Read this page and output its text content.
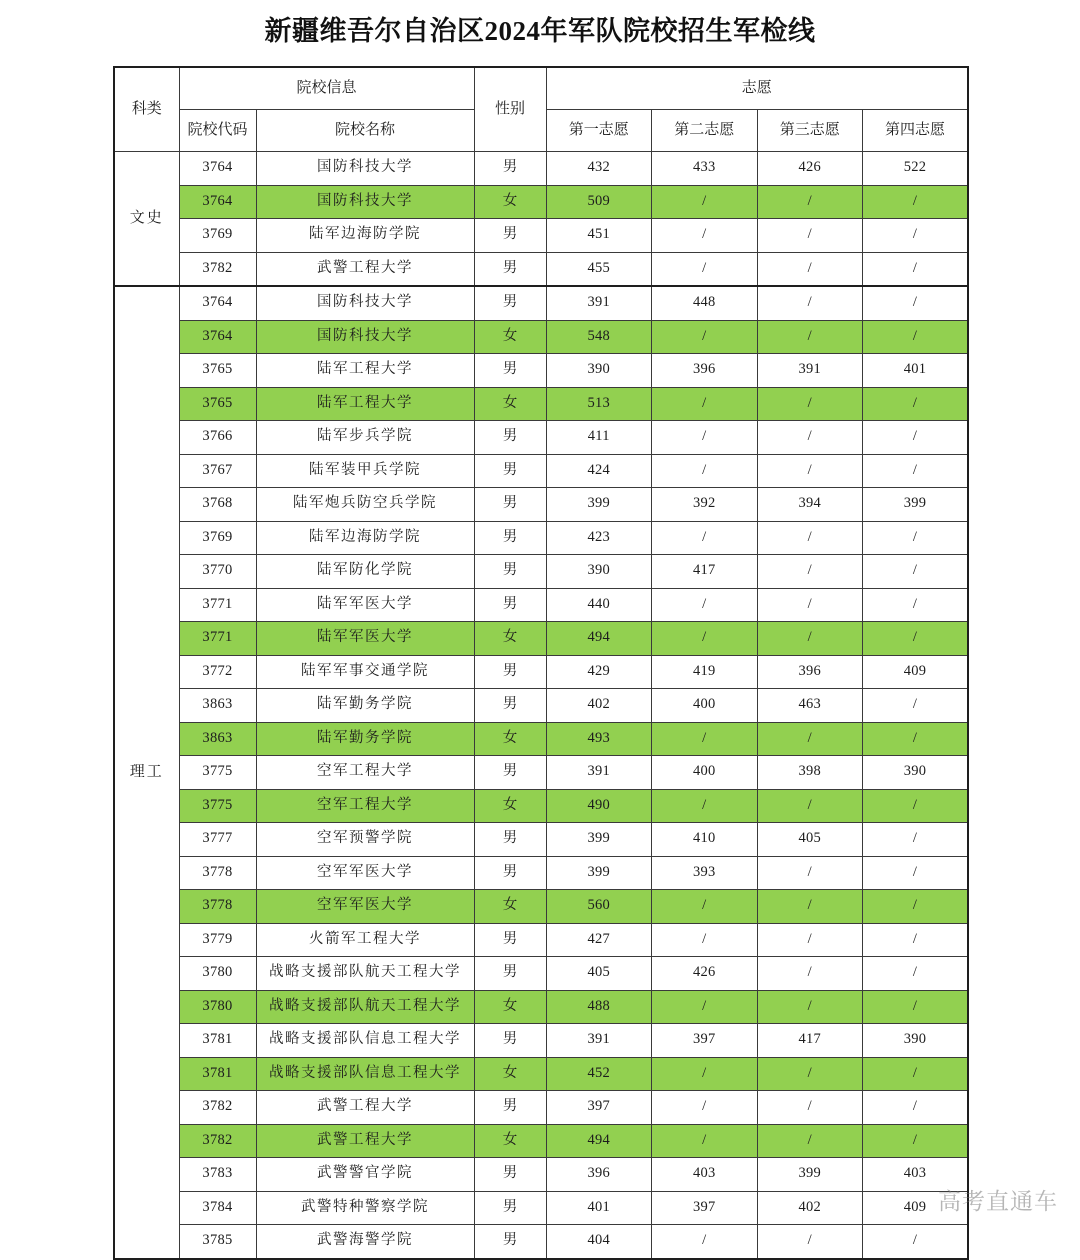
新疆维吾尔自治区2024年军队院校招生军检线
科类	院校信息		性别	志愿			
	院校代码	院校名称		第一志愿	第二志愿	第三志愿	第四志愿
文史	3764	国防科技大学	男	432	433	426	522
	3764	国防科技大学	女	509	/	/	/
	3769	陆军边海防学院	男	451	/	/	/
	3782	武警工程大学	男	455	/	/	/
理工	3764	国防科技大学	男	391	448	/	/
	3764	国防科技大学	女	548	/	/	/
	3765	陆军工程大学	男	390	396	391	401
	3765	陆军工程大学	女	513	/	/	/
	3766	陆军步兵学院	男	411	/	/	/
	3767	陆军装甲兵学院	男	424	/	/	/
	3768	陆军炮兵防空兵学院	男	399	392	394	399
	3769	陆军边海防学院	男	423	/	/	/
	3770	陆军防化学院	男	390	417	/	/
	3771	陆军军医大学	男	440	/	/	/
	3771	陆军军医大学	女	494	/	/	/
	3772	陆军军事交通学院	男	429	419	396	409
	3863	陆军勤务学院	男	402	400	463	/
	3863	陆军勤务学院	女	493	/	/	/
	3775	空军工程大学	男	391	400	398	390
	3775	空军工程大学	女	490	/	/	/
	3777	空军预警学院	男	399	410	405	/
	3778	空军军医大学	男	399	393	/	/
	3778	空军军医大学	女	560	/	/	/
	3779	火箭军工程大学	男	427	/	/	/
	3780	战略支援部队航天工程大学	男	405	426	/	/
	3780	战略支援部队航天工程大学	女	488	/	/	/
	3781	战略支援部队信息工程大学	男	391	397	417	390
	3781	战略支援部队信息工程大学	女	452	/	/	/
	3782	武警工程大学	男	397	/	/	/
	3782	武警工程大学	女	494	/	/	/
	3783	武警警官学院	男	396	403	399	403
	3784	武警特种警察学院	男	401	397	402	409
	3785	武警海警学院	男	404	/	/	/
高考直通车
